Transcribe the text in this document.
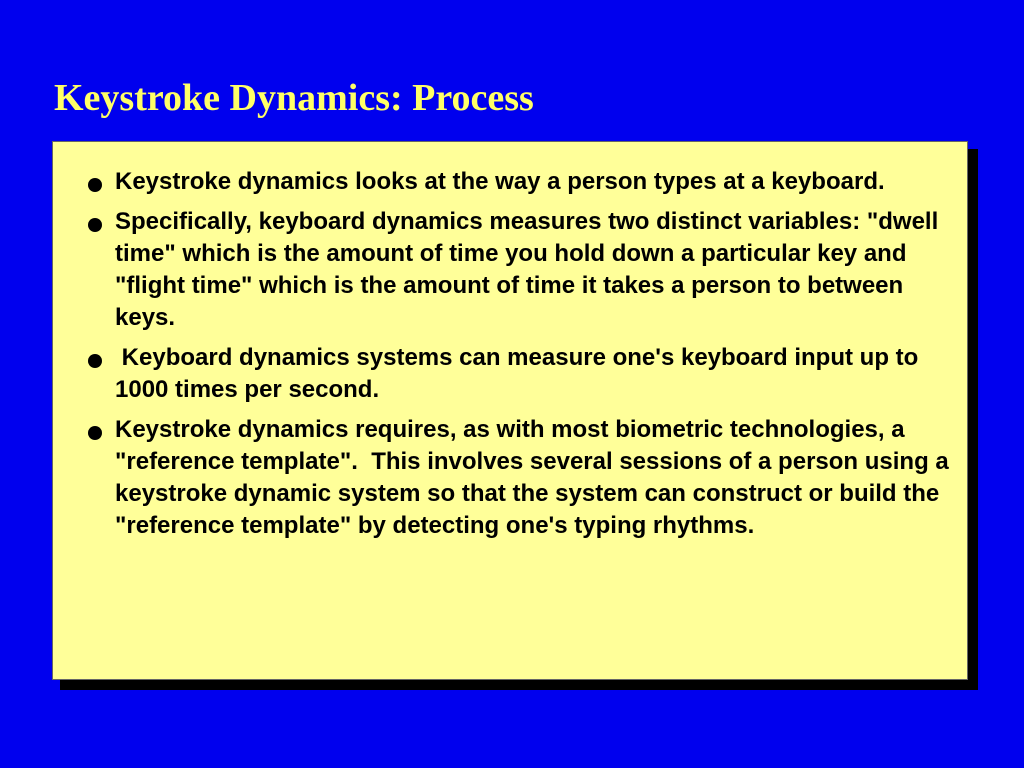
Keystroke Dynamics: Process
Keystroke dynamics looks at the way a person types at a keyboard.
Specifically, keyboard dynamics measures two distinct variables: "dwell time" which is the amount of time you hold down a particular key and "flight time" which is the amount of time it takes a person to between keys.
Keyboard dynamics systems can measure one's keyboard input up to 1000 times per second.
Keystroke dynamics requires, as with most biometric technologies, a "reference template".  This involves several sessions of a person using a keystroke dynamic system so that the system can construct or build the "reference template" by detecting one's typing rhythms.
